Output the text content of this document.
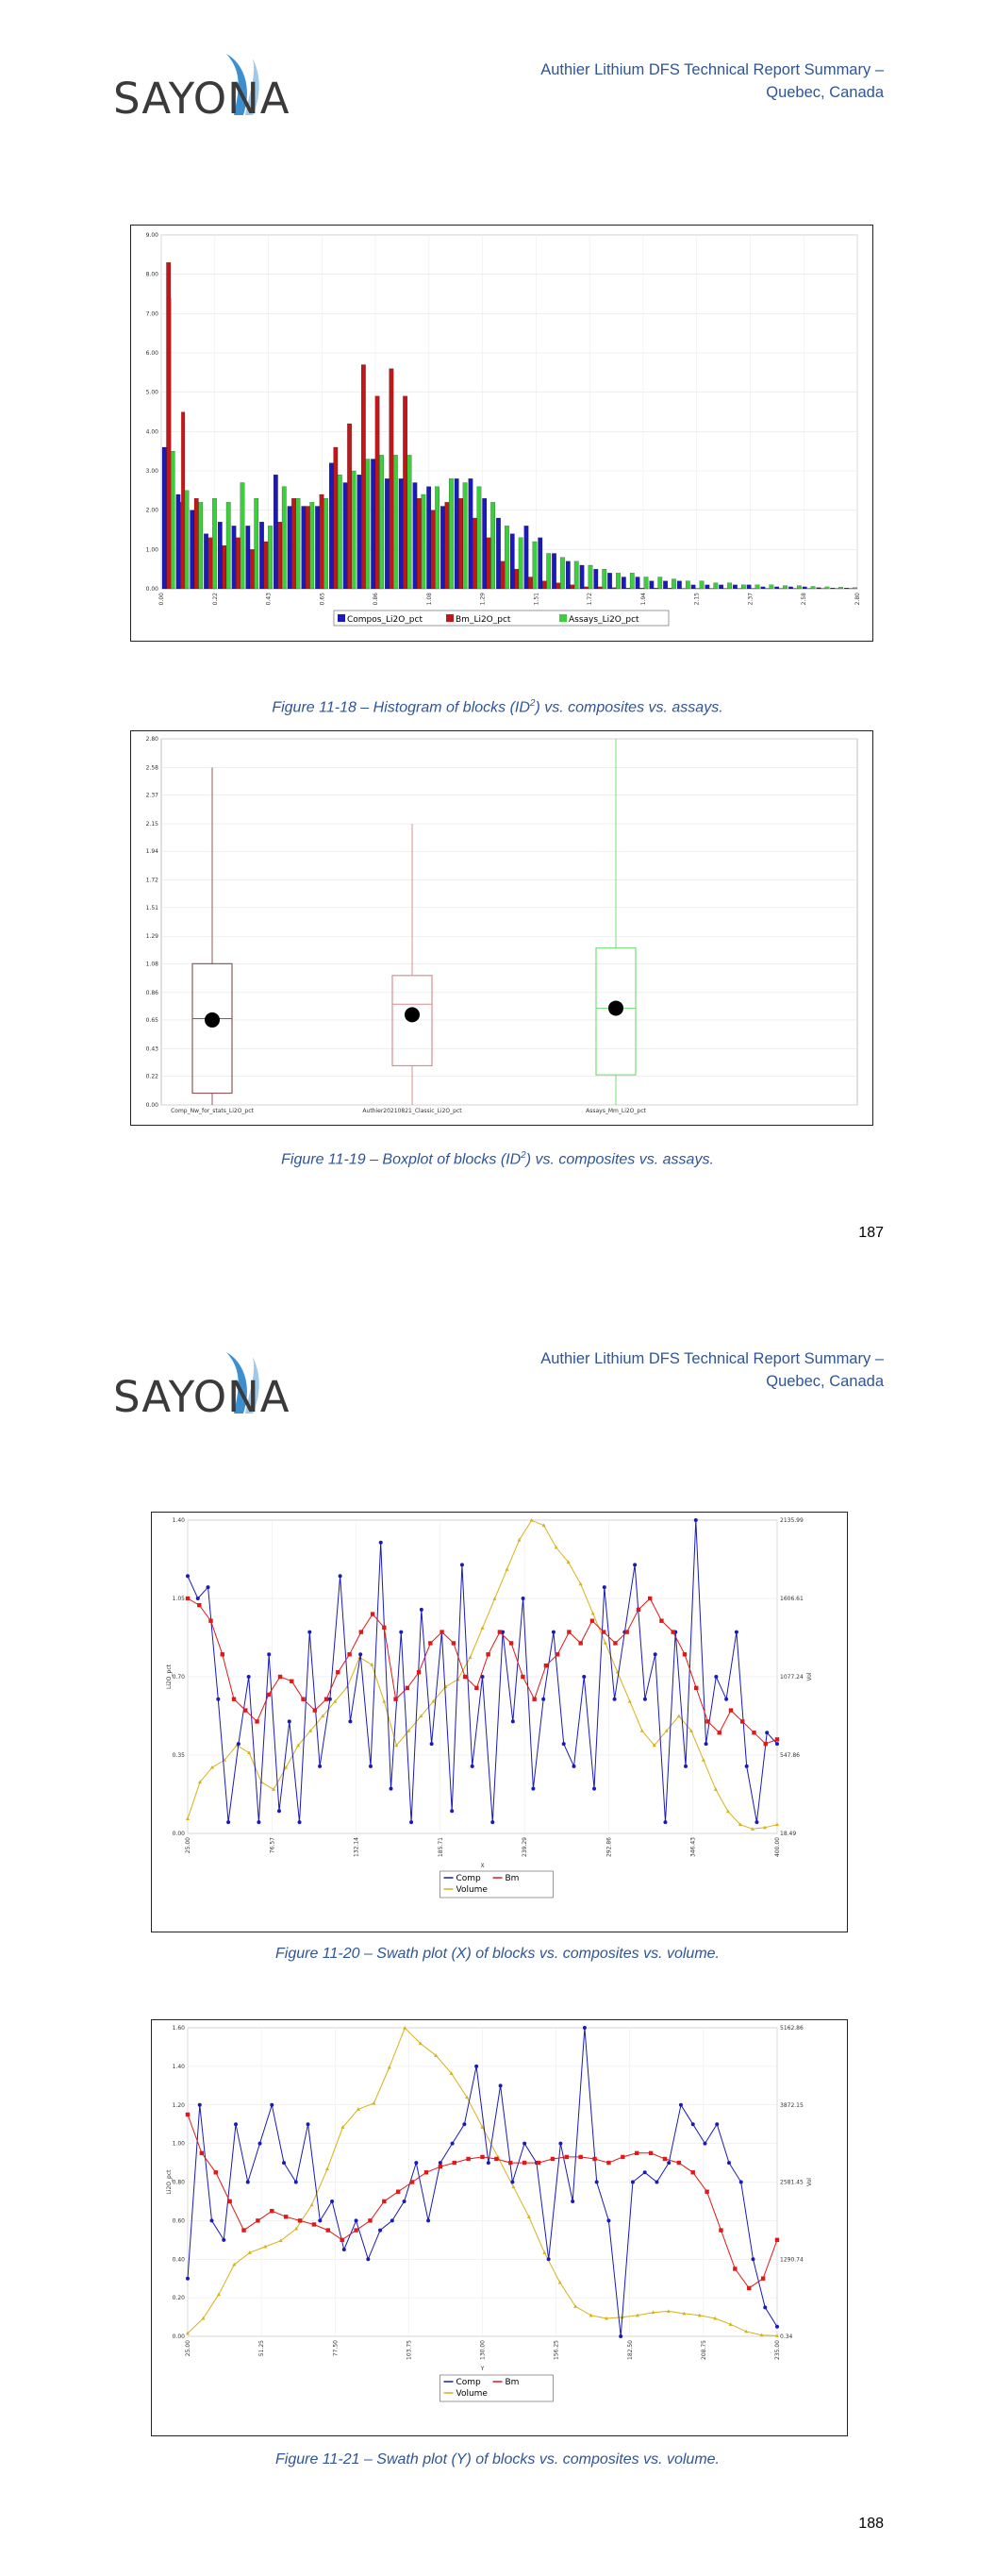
SAYONA
Authier Lithium DFS Technical Report Summary –
Quebec, Canada
0.00
1.00
2.00
3.00
4.00
5.00
6.00
7.00
8.00
9.00
0.00	0.22	0.43	0.65	0.86	1.08	1.29	1.51	1.72	1.94	2.15	2.37	2.58	2.80
Compos_Li2O_pct	Bm_Li2O_pct	Assays_Li2O_pct
Figure 11-18 – Histogram of blocks $(ID^2)$ vs. composites vs. assays.
0.00
0.22
0.43
0.65
0.86
1.08
1.29
1.51
1.72
1.94
2.15
2.37
2.58
2.80
Comp_Nw_for_stats_Li2O_pct	Authier20210821_Classic_Li2O_pct	Assays_Mm_Li2O_pct
Figure 11-19 – Boxplot of blocks $(ID^2)$ vs. composites vs. assays.
187
SAYONA
Authier Lithium DFS Technical Report Summary –
Quebec, Canada
0.00
0.35
0.70
1.05
1.40
18.49
547.86
1077.24
1606.61
2135.99
25.00	76.57	132.14	185.71	239.29	292.86	346.43	400.00
Li2O_pct	Vol
X
Comp	Bm
Volume
Figure 11-20 – Swath plot (X) of blocks vs. composites vs. volume.
0.00
0.20
0.40
0.60
0.80
1.00
1.20
1.40
1.60
0.34
1290.74
2581.45
3872.15
5162.86
25.00	51.25	77.50	103.75	130.00	156.25	182.50	208.75	235.00
Li2O_pct	Vol
Y
Comp	Bm
Volume
Figure 11-21 – Swath plot (Y) of blocks vs. composites vs. volume.
188
